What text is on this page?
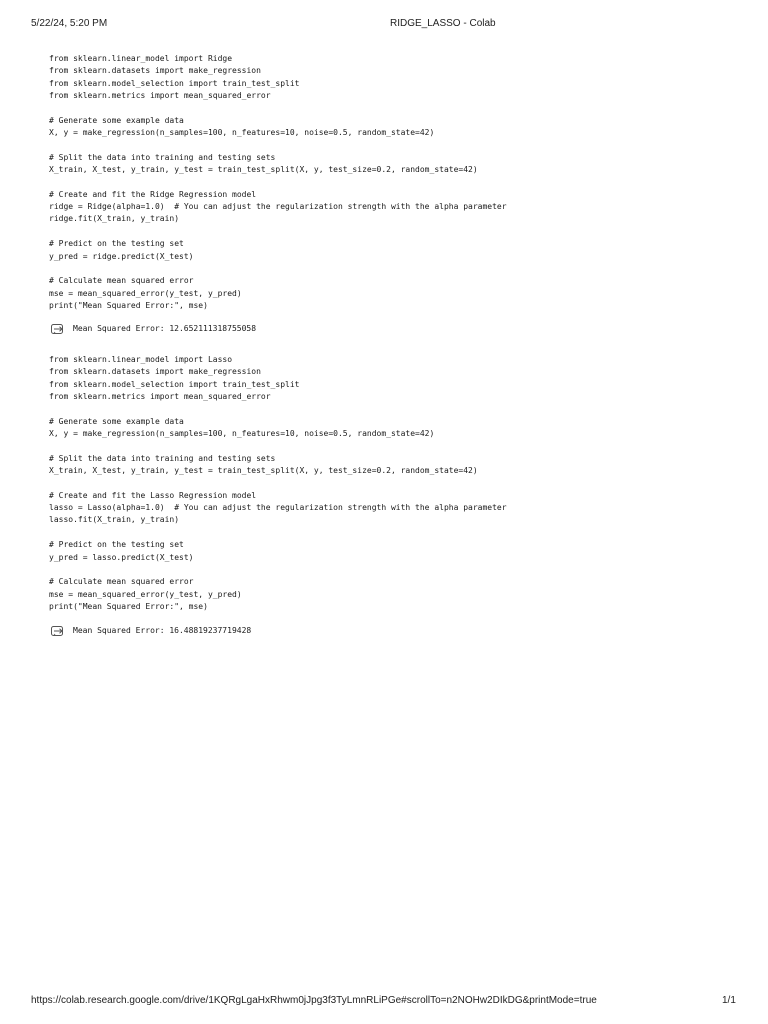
5/22/24, 5:20 PM	RIDGE_LASSO - Colab
from sklearn.linear_model import Ridge
from sklearn.datasets import make_regression
from sklearn.model_selection import train_test_split
from sklearn.metrics import mean_squared_error
# Generate some example data
X, y = make_regression(n_samples=100, n_features=10, noise=0.5, random_state=42)
# Split the data into training and testing sets
X_train, X_test, y_train, y_test = train_test_split(X, y, test_size=0.2, random_state=42)
# Create and fit the Ridge Regression model
ridge = Ridge(alpha=1.0)  # You can adjust the regularization strength with the alpha parameter
ridge.fit(X_train, y_train)
# Predict on the testing set
y_pred = ridge.predict(X_test)
# Calculate mean squared error
mse = mean_squared_error(y_test, y_pred)
print("Mean Squared Error:", mse)
Mean Squared Error: 12.652111318755058
from sklearn.linear_model import Lasso
from sklearn.datasets import make_regression
from sklearn.model_selection import train_test_split
from sklearn.metrics import mean_squared_error
# Generate some example data
X, y = make_regression(n_samples=100, n_features=10, noise=0.5, random_state=42)
# Split the data into training and testing sets
X_train, X_test, y_train, y_test = train_test_split(X, y, test_size=0.2, random_state=42)
# Create and fit the Lasso Regression model
lasso = Lasso(alpha=1.0)  # You can adjust the regularization strength with the alpha parameter
lasso.fit(X_train, y_train)
# Predict on the testing set
y_pred = lasso.predict(X_test)
# Calculate mean squared error
mse = mean_squared_error(y_test, y_pred)
print("Mean Squared Error:", mse)
Mean Squared Error: 16.48819237719428
https://colab.research.google.com/drive/1KQRgLgaHxRhwm0jJpg3f3TyLmnRLiPGe#scrollTo=n2NOHw2DIkDG&printMode=true	1/1
